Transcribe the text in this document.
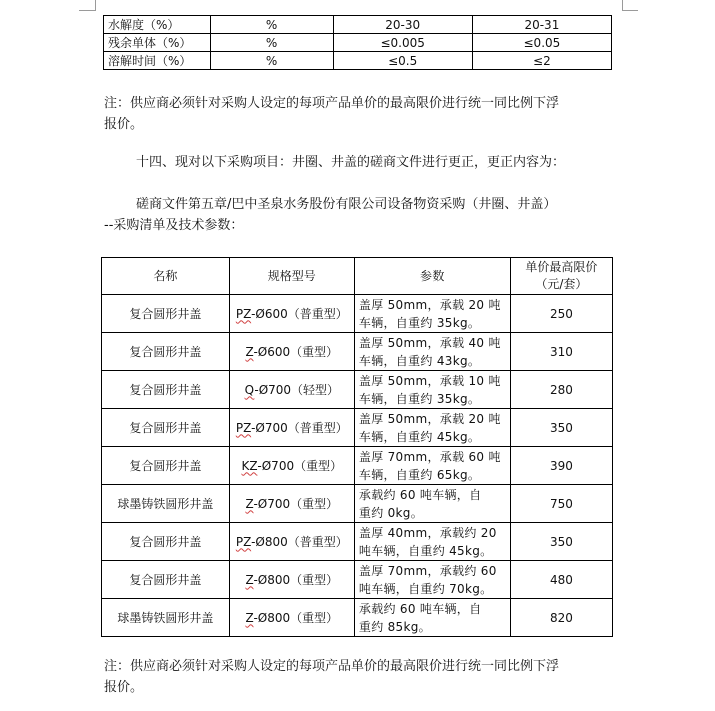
水解度（%）	%	20-30	20-31
残余单体（%）	%	≤0.005	≤0.05
溶解时间（%）	%	≤0.5	≤2
注：供应商必须针对采购人设定的每项产品单价的最高限价进行统一同比例下浮
报价。
十四、现对以下采购项目：井圈、井盖的磋商文件进行更正，更正内容为：
磋商文件第五章/巴中圣泉水务股份有限公司设备物资采购（井圈、井盖）
--采购清单及技术参数：
名称	规格型号	参数	单价最高限价
（元/套）

复合圆形井盖	PZ-Ø600（普重型）	盖厚 50mm，承载 20 吨
车辆，自重约 35kg。	250
复合圆形井盖	Z-Ø600（重型）	盖厚 50mm，承载 40 吨
车辆，自重约 43kg。	310
复合圆形井盖	Q-Ø700（轻型）	盖厚 50mm，承载 10 吨
车辆，自重约 35kg。	280
复合圆形井盖	PZ-Ø700（普重型）	盖厚 50mm，承载 20 吨
车辆，自重约 45kg。	350
复合圆形井盖	KZ-Ø700（重型）	盖厚 70mm，承载 60 吨
车辆，自重约 65kg。	390
球墨铸铁圆形井盖	Z-Ø700（重型）	承载约 60 吨车辆，自
重约 0kg。	750
复合圆形井盖	PZ-Ø800（普重型）	盖厚 40mm，承载约 20
吨车辆，自重约 45kg。	350
复合圆形井盖	Z-Ø800（重型）	盖厚 70mm，承载约 60
吨车辆，自重约 70kg。	480
球墨铸铁圆形井盖	Z-Ø800（重型）	承载约 60 吨车辆，自
重约 85kg。	820
注：供应商必须针对采购人设定的每项产品单价的最高限价进行统一同比例下浮
报价。
